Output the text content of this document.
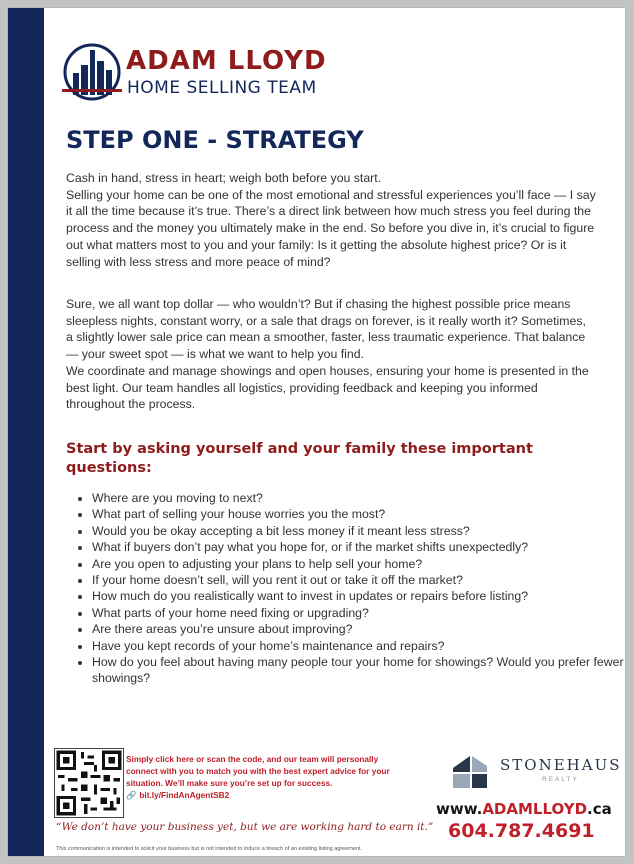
ADAM LLOYD
HOME SELLING TEAM
STEP ONE - STRATEGY

Cash in hand, stress in heart; weigh both before you start.

Selling your home can be one of the most emotional and stressful experiences you’ll face — I say it all the time because it’s true. There’s a direct link between how much stress you feel during the process and the money you ultimately make in the end. So before you dive in, it’s crucial to figure out what matters most to you and your family: Is it getting the absolute highest price? Or is it selling with less stress and more peace of mind?

Sure, we all want top dollar — who wouldn’t? But if chasing the highest possible price means sleepless nights, constant worry, or a sale that drags on forever, is it really worth it? Sometimes, a slightly lower sale price can mean a smoother, faster, less traumatic experience. That balance — your sweet spot — is what we want to help you find.

We coordinate and manage showings and open houses, ensuring your home is presented in the best light. Our team handles all logistics, providing feedback and keeping you informed throughout the process.

Start by asking yourself and your family these important questions:
• Where are you moving to next?
• What part of selling your house worries you the most?
• Would you be okay accepting a bit less money if it meant less stress?
• What if buyers don’t pay what you hope for, or if the market shifts unexpectedly?
• Are you open to adjusting your plans to help sell your home?
• If your home doesn’t sell, will you rent it out or take it off the market?
• How much do you realistically want to invest in updates or repairs before listing?
• What parts of your home need fixing or upgrading?
• Are there areas you’re unsure about improving?
• Have you kept records of your home’s maintenance and repairs?
• How do you feel about having many people tour your home for showings? Would you prefer fewer showings?
Simply click here or scan the code, and our team will personally connect with you to match you with the best expert advice for your situation. We’ll make sure you’re set up for success.
🔗 bit.ly/FindAnAgentSB2
“We don’t have your business yet, but we are working hard to earn it.”
This communication is intended to solicit your business but is not intended to induce a breach of an existing listing agreement.
STONEHAUS
REALTY
www.ADAMLLOYD.ca
604.787.4691
